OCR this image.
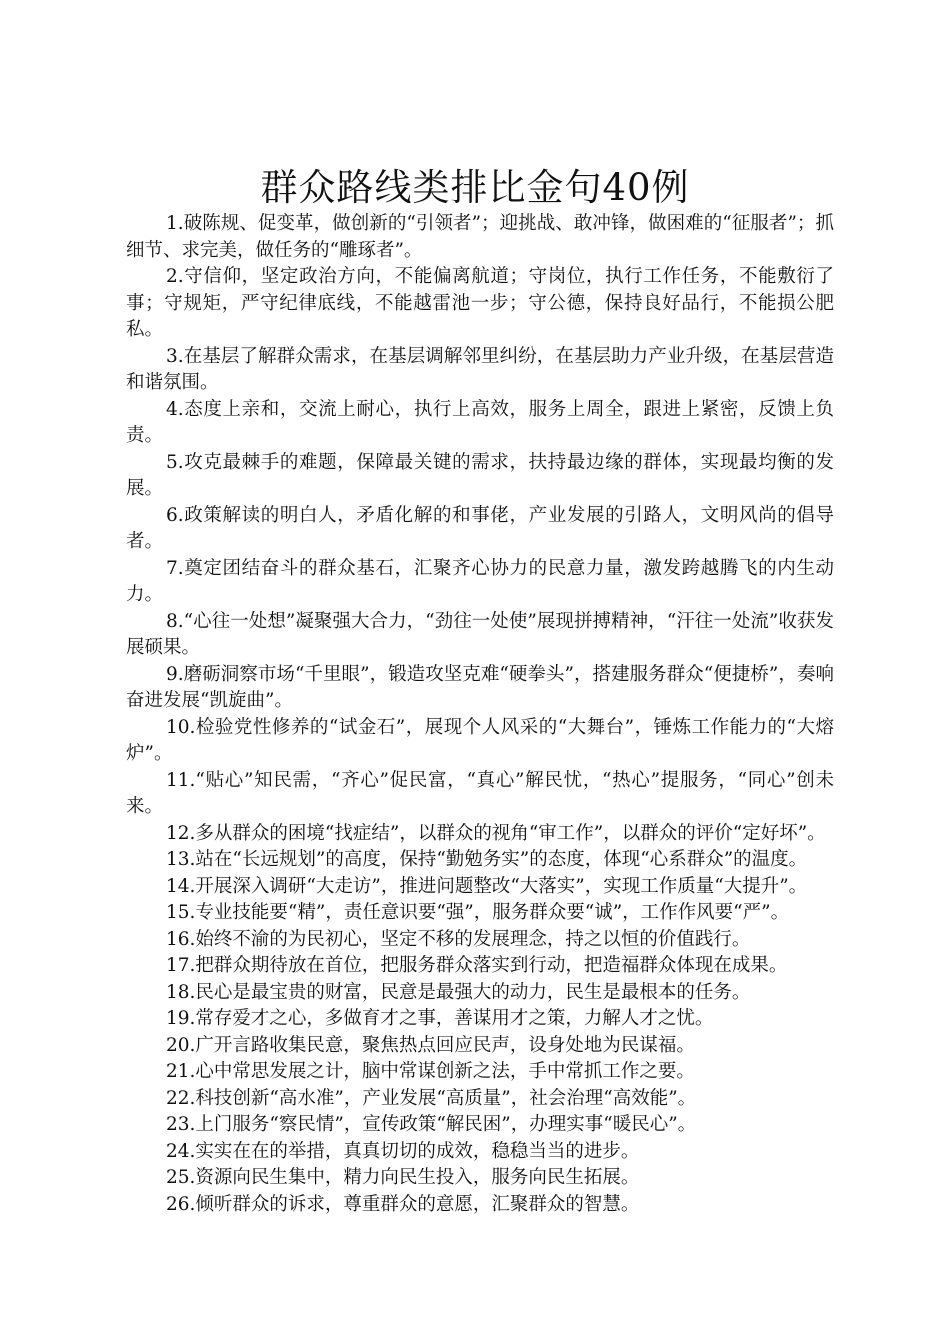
群众路线类排比金句40例

1.破陈规、促变革，做创新的“引领者”；迎挑战、敢冲锋，做困难的“征服者”；抓细节、求完美，做任务的“雕琢者”。

2.守信仰，坚定政治方向，不能偏离航道；守岗位，执行工作任务，不能敷衍了事；守规矩，严守纪律底线，不能越雷池一步；守公德，保持良好品行，不能损公肥私。

3.在基层了解群众需求，在基层调解邻里纠纷，在基层助力产业升级，在基层营造和谐氛围。

4.态度上亲和，交流上耐心，执行上高效，服务上周全，跟进上紧密，反馈上负责。

5.攻克最棘手的难题，保障最关键的需求，扶持最边缘的群体，实现最均衡的发展。

6.政策解读的明白人，矛盾化解的和事佬，产业发展的引路人，文明风尚的倡导者。

7.奠定团结奋斗的群众基石，汇聚齐心协力的民意力量，激发跨越腾飞的内生动力。

8.“心往一处想”凝聚强大合力，“劲往一处使”展现拼搏精神，“汗往一处流”收获发展硕果。

9.磨砺洞察市场“千里眼”，锻造攻坚克难“硬拳头”，搭建服务群众“便捷桥”，奏响奋进发展“凯旋曲”。

10.检验党性修养的“试金石”，展现个人风采的“大舞台”，锤炼工作能力的“大熔炉”。

11.“贴心”知民需，“齐心”促民富，“真心”解民忧，“热心”提服务，“同心”创未来。

12.多从群众的困境“找症结”，以群众的视角“审工作”，以群众的评价“定好坏”。

13.站在“长远规划”的高度，保持“勤勉务实”的态度，体现“心系群众”的温度。

14.开展深入调研“大走访”，推进问题整改“大落实”，实现工作质量“大提升”。

15.专业技能要“精”，责任意识要“强”，服务群众要“诚”，工作作风要“严”。

16.始终不渝的为民初心，坚定不移的发展理念，持之以恒的价值践行。

17.把群众期待放在首位，把服务群众落实到行动，把造福群众体现在成果。

18.民心是最宝贵的财富，民意是最强大的动力，民生是最根本的任务。

19.常存爱才之心，多做育才之事，善谋用才之策，力解人才之忧。

20.广开言路收集民意，聚焦热点回应民声，设身处地为民谋福。

21.心中常思发展之计，脑中常谋创新之法，手中常抓工作之要。

22.科技创新“高水准”，产业发展“高质量”，社会治理“高效能”。

23.上门服务“察民情”，宣传政策“解民困”，办理实事“暖民心”。

24.实实在在的举措，真真切切的成效，稳稳当当的进步。

25.资源向民生集中，精力向民生投入，服务向民生拓展。

26.倾听群众的诉求，尊重群众的意愿，汇聚群众的智慧。
